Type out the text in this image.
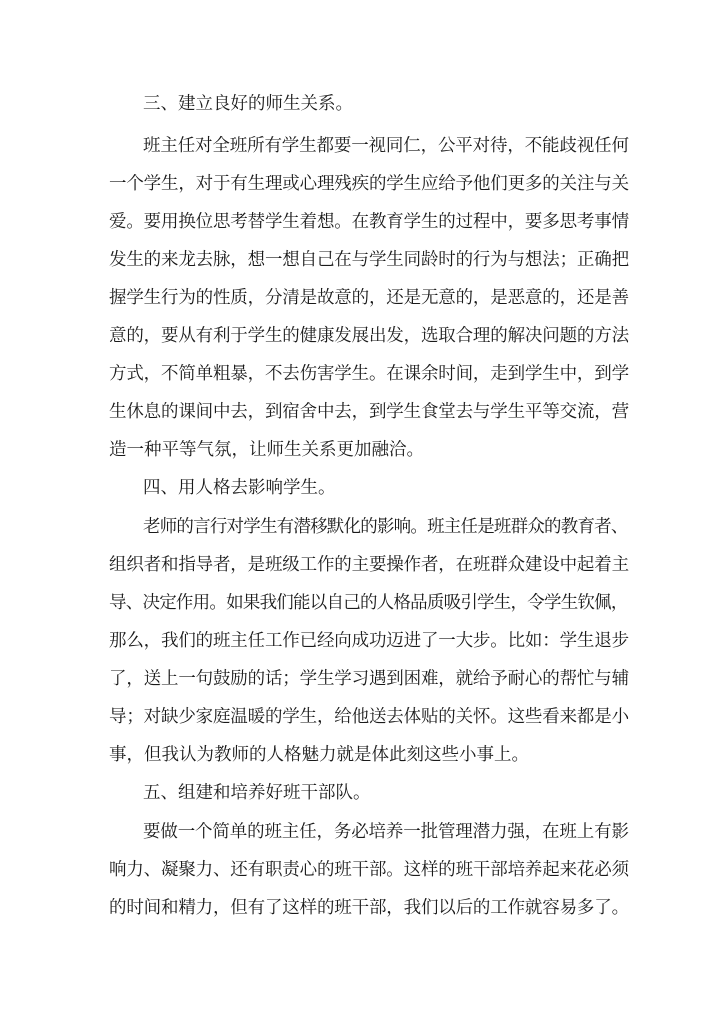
三、建立良好的师生关系。
班主任对全班所有学生都要一视同仁，公平对待，不能歧视任何
一个学生，对于有生理或心理残疾的学生应给予他们更多的关注与关
爱。要用换位思考替学生着想。在教育学生的过程中，要多思考事情
发生的来龙去脉，想一想自己在与学生同龄时的行为与想法；正确把
握学生行为的性质，分清是故意的，还是无意的，是恶意的，还是善
意的，要从有利于学生的健康发展出发，选取合理的解决问题的方法
方式，不简单粗暴，不去伤害学生。在课余时间，走到学生中，到学
生休息的课间中去，到宿舍中去，到学生食堂去与学生平等交流，营
造一种平等气氛，让师生关系更加融洽。
四、用人格去影响学生。
老师的言行对学生有潜移默化的影响。班主任是班群众的教育者、
组织者和指导者，是班级工作的主要操作者，在班群众建设中起着主
导、决定作用。如果我们能以自己的人格品质吸引学生，令学生钦佩，
那么，我们的班主任工作已经向成功迈进了一大步。比如：学生退步
了，送上一句鼓励的话；学生学习遇到困难，就给予耐心的帮忙与辅
导；对缺少家庭温暖的学生，给他送去体贴的关怀。这些看来都是小
事，但我认为教师的人格魅力就是体此刻这些小事上。
五、组建和培养好班干部队。
要做一个简单的班主任，务必培养一批管理潜力强，在班上有影
响力、凝聚力、还有职责心的班干部。这样的班干部培养起来花必须
的时间和精力，但有了这样的班干部，我们以后的工作就容易多了。
